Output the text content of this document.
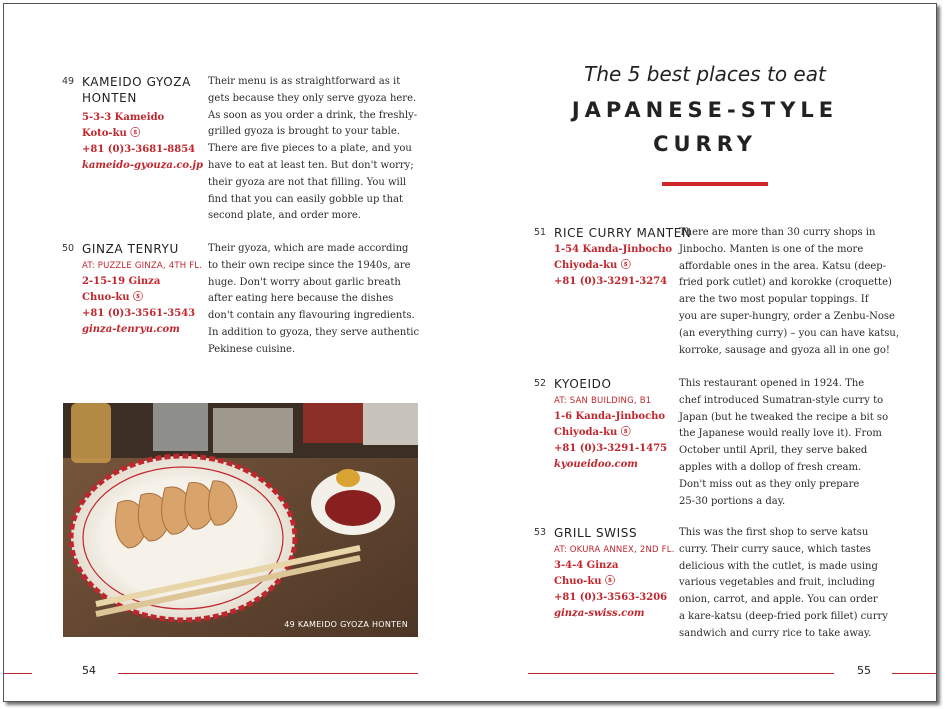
49 KAMEIDO GYOZA HONTEN
5-3-3 Kameido
Koto-ku ⓢ
+81 (0)3-3681-8854
kameido-gyouza.co.jp
Their menu is as straightforward as it
gets because they only serve gyoza here.
As soon as you order a drink, the freshly-
grilled gyoza is brought to your table.
There are five pieces to a plate, and you
have to eat at least ten. But don't worry;
their gyoza are not that filling. You will
find that you can easily gobble up that
second plate, and order more.
50 GINZA TENRYU
AT: PUZZLE GINZA, 4TH FL.
2-15-19 Ginza
Chuo-ku ⓢ
+81 (0)3-3561-3543
ginza-tenryu.com
Their gyoza, which are made according
to their own recipe since the 1940s, are
huge. Don't worry about garlic breath
after eating here because the dishes
don't contain any flavouring ingredients.
In addition to gyoza, they serve authentic
Pekinese cuisine.
49 KAMEIDO GYOZA HONTEN
54
The 5 best places to eat
JAPANESE-STYLE
CURRY
51 RICE CURRY MANTEN
1-54 Kanda-Jinbocho
Chiyoda-ku ⓢ
+81 (0)3-3291-3274
There are more than 30 curry shops in
Jinbocho. Manten is one of the more
affordable ones in the area. Katsu (deep-
fried pork cutlet) and korokke (croquette)
are the two most popular toppings. If
you are super-hungry, order a Zenbu-Nose
(an everything curry) – you can have katsu,
korroke, sausage and gyoza all in one go!
52 KYOEIDO
AT: SAN BUILDING, B1
1-6 Kanda-Jinbocho
Chiyoda-ku ⓢ
+81 (0)3-3291-1475
kyoueidoo.com
This restaurant opened in 1924. The
chef introduced Sumatran-style curry to
Japan (but he tweaked the recipe a bit so
the Japanese would really love it). From
October until April, they serve baked
apples with a dollop of fresh cream.
Don't miss out as they only prepare
25-30 portions a day.
53 GRILL SWISS
AT: OKURA ANNEX, 2ND FL.
3-4-4 Ginza
Chuo-ku ⓢ
+81 (0)3-3563-3206
ginza-swiss.com
This was the first shop to serve katsu
curry. Their curry sauce, which tastes
delicious with the cutlet, is made using
various vegetables and fruit, including
onion, carrot, and apple. You can order
a kare-katsu (deep-fried pork fillet) curry
sandwich and curry rice to take away.
55
